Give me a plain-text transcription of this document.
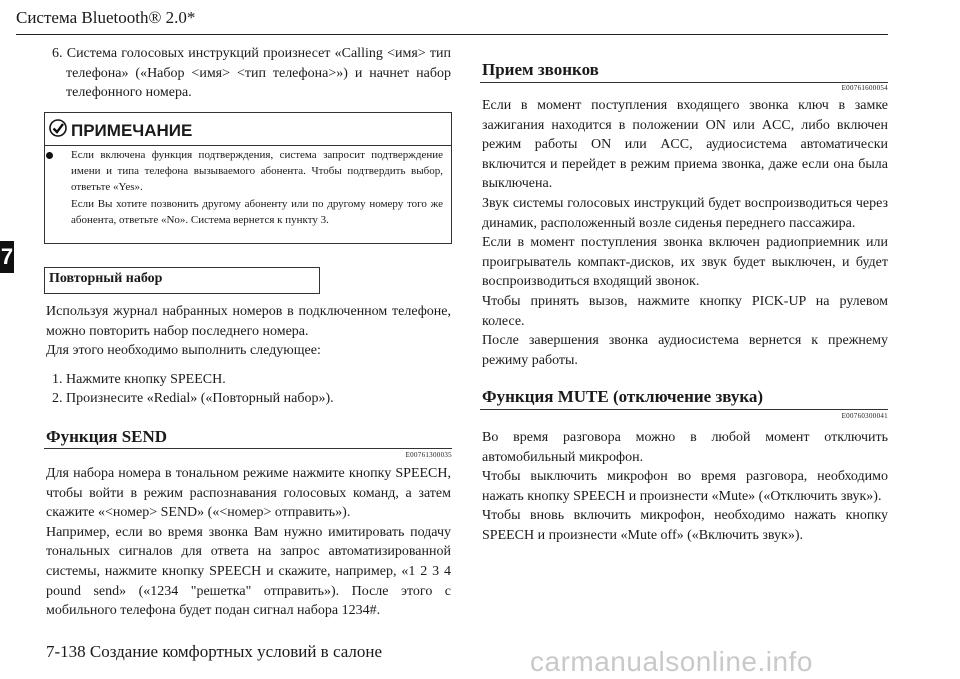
Система Bluetooth® 2.0*
7
6. Система голосовых инструкций произнесет «Calling <имя> тип телефона» («Набор <имя> <тип телефона>») и начнет набор телефонного номера.
ПРИМЕЧАНИЕ
Если включена функция подтверждения, система запросит подтверждение имени и типа телефона вызываемого абонента. Чтобы подтвердить выбор, ответьте «Yes».
Если Вы хотите позвонить другому абоненту или по другому номеру того же абонента, ответьте «No». Система вернется к пункту 3.
Повторный набор
Используя журнал набранных номеров в подключенном телефоне, можно повторить набор последнего номера.
Для этого необходимо выполнить следующее:
1. Нажмите кнопку SPEECH.
2. Произнесите «Redial» («Повторный набор»).
Функция SEND
E00761300035
Для набора номера в тональном режиме нажмите кнопку SPEECH, чтобы войти в режим распознавания голосовых команд, а затем скажите «<номер> SEND» («<номер> отправить»).
Например, если во время звонка Вам нужно имитировать подачу тональных сигналов для ответа на запрос автоматизированной системы, нажмите кнопку SPEECH и скажите, например, «1 2 3 4 pound send» («1234 "решетка" отправить»). После этого с мобильного телефона будет подан сигнал набора 1234#.
Прием звонков
E00761600054
Если в момент поступления входящего звонка ключ в замке зажигания находится в положении ON или ACC, либо включен режим работы ON или ACC, аудиосистема автоматически включится и перейдет в режим приема звонка, даже если она была выключена.
Звук системы голосовых инструкций будет воспроизводиться через динамик, расположенный возле сиденья переднего пассажира.
Если в момент поступления звонка включен радиоприемник или проигрыватель компакт-дисков, их звук будет выключен, и будет воспроизводиться входящий звонок.
Чтобы принять вызов, нажмите кнопку PICK-UP на рулевом колесе.
После завершения звонка аудиосистема вернется к прежнему режиму работы.
Функция MUTE (отключение звука)
E00760300041
Во время разговора можно в любой момент отключить автомобильный микрофон.
Чтобы выключить микрофон во время разговора, необходимо нажать кнопку SPEECH и произнести «Mute» («Отключить звук»).
Чтобы вновь включить микрофон, необходимо нажать кнопку SPEECH и произнести «Mute off» («Включить звук»).
7-138 Создание комфортных условий в салоне	carmanualsonline.info
